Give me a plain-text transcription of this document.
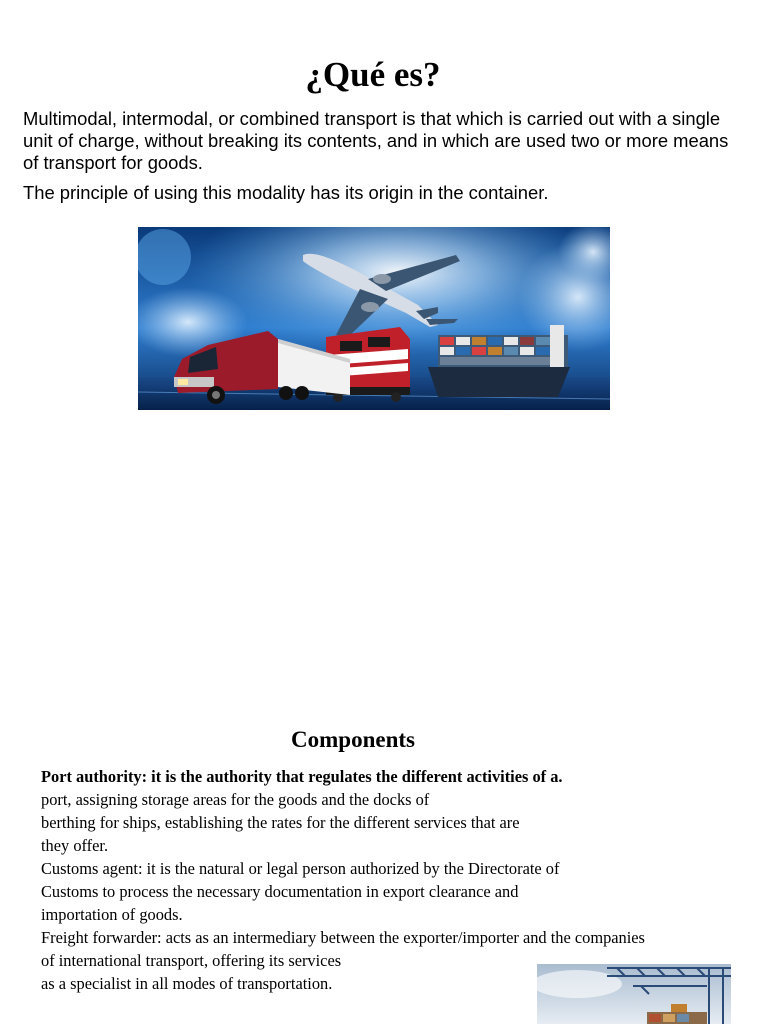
¿Qué es?

Multimodal, intermodal, or combined transport is that which is carried out with a single unit of charge, without breaking its contents, and in which are used two or more means of transport for goods.

The principle of using this modality has its origin in the container.

Components
Port authority: it is the authority that regulates the different activities of a.
port, assigning storage areas for the goods and the docks of
berthing for ships, establishing the rates for the different services that are
they offer.
Customs agent: it is the natural or legal person authorized by the Directorate of
Customs to process the necessary documentation in export clearance and
importation of goods.
Freight forwarder: acts as an intermediary between the exporter/importer and the companies
of international transport, offering its services
as a specialist in all modes of transportation.
